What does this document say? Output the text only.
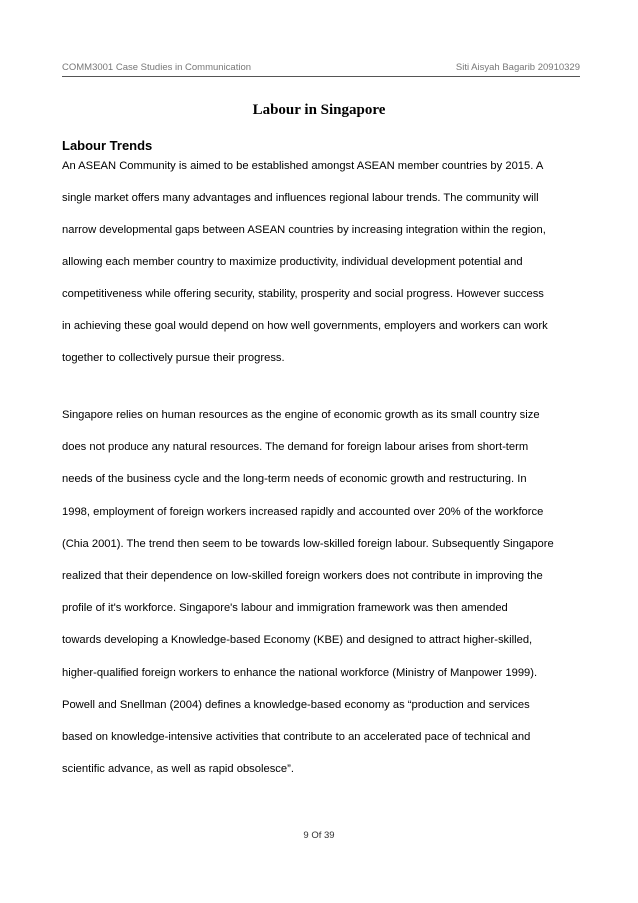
COMM3001 Case Studies in Communication	Siti Aisyah Bagarib 20910329
Labour in Singapore
Labour Trends
An ASEAN Community is aimed to be established amongst ASEAN member countries by 2015. A
single market offers many advantages and influences regional labour trends. The community will
narrow developmental gaps between ASEAN countries by increasing integration within the region,
allowing each member country to maximize productivity, individual development potential and
competitiveness while offering security, stability, prosperity and social progress. However success
in achieving these goal would depend on how well governments, employers and workers can work
together to collectively pursue their progress.
Singapore relies on human resources as the engine of economic growth as its small country size
does not produce any natural resources. The demand for foreign labour arises from short-term
needs of the business cycle and the long-term needs of economic growth and restructuring. In
1998, employment of foreign workers increased rapidly and accounted over 20% of the workforce
(Chia 2001). The trend then seem to be towards low-skilled foreign labour. Subsequently Singapore
realized that their dependence on low-skilled foreign workers does not contribute in improving the
profile of it's workforce. Singapore's labour and immigration framework was then amended
towards developing a Knowledge-based Economy (KBE) and designed to attract higher-skilled,
higher-qualified foreign workers to enhance the national workforce (Ministry of Manpower 1999).
Powell and Snellman (2004) defines a knowledge-based economy as “production and services
based on knowledge-intensive activities that contribute to an accelerated pace of technical and
scientific advance, as well as rapid obsolesce”.
9 Of 39
